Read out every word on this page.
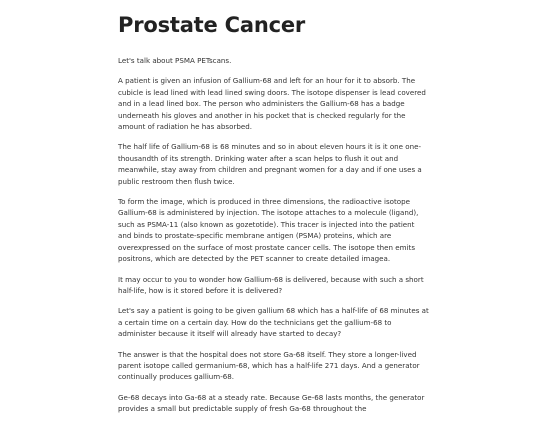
Prostate Cancer

Let's talk about PSMA PETscans.

A patient is given an infusion of Gallium-68 and left for an hour for it to absorb. The cubicle is lead lined with lead lined swing doors. The isotope dispenser is lead covered and in a lead lined box. The person who administers the Gallium-68 has a badge underneath his gloves and another in his pocket that is checked regularly for the amount of radiation he has absorbed.

The half life of Gallium-68 is 68 minutes and so in about eleven hours it is it one one-thousandth of its strength. Drinking water after a scan helps to flush it out and meanwhile, stay away from children and pregnant women for a day and if one uses a public restroom then flush twice.

To form the image, which is produced in three dimensions, the radioactive isotope Gallium-68 is administered by injection. The isotope attaches to a molecule (ligand), such as PSMA-11 (also known as gozetotide). This tracer is injected into the patient and binds to prostate-specific membrane antigen (PSMA) proteins, which are overexpressed on the surface of most prostate cancer cells. The isotope then emits positrons, which are detected by the PET scanner to create detailed imagea.

It may occur to you to wonder how Gallium-68 is delivered, because with such a short half-life, how is it stored before it is delivered?

Let's say a patient is going to be given gallium 68 which has a half-life of 68 minutes at a certain time on a certain day. How do the technicians get the gallium-68 to administer because it itself will already have started to decay?

The answer is that the hospital does not store Ga-68 itself. They store a longer-lived parent isotope called germanium-68, which has a half-life 271 days. And a generator continually produces gallium-68.

Ge-68 decays into Ga-68 at a steady rate. Because Ge-68 lasts months, the generator provides a small but predictable supply of fresh Ga-68 throughout the
